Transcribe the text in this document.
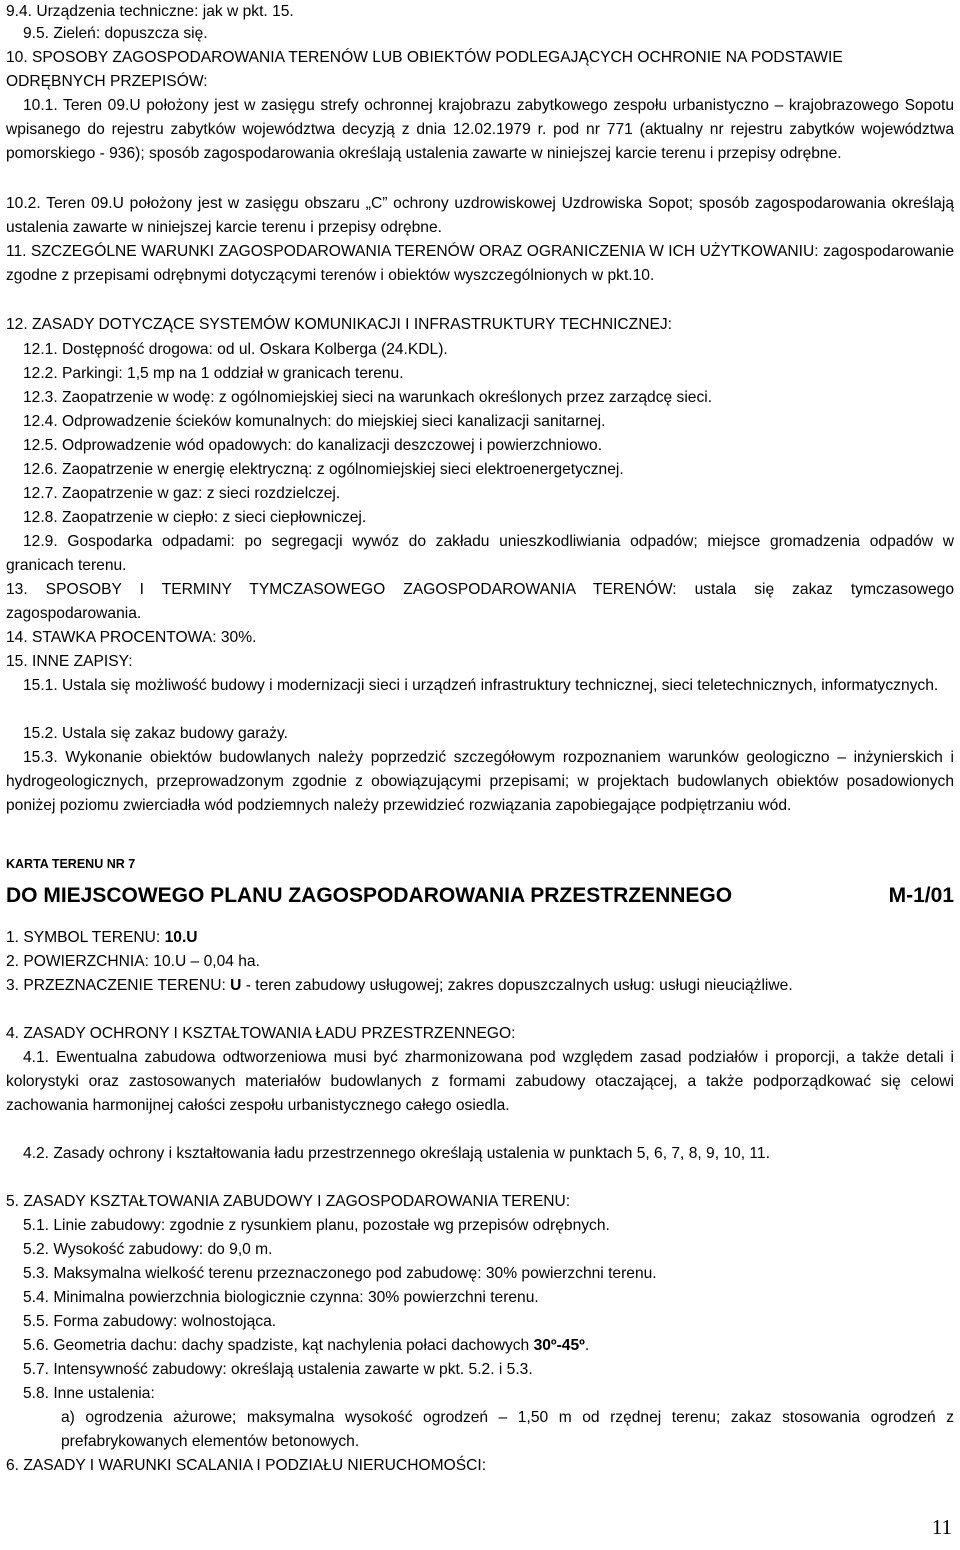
9.4. Urządzenia techniczne: jak w pkt. 15.
9.5. Zieleń: dopuszcza się.
10. SPOSOBY ZAGOSPODAROWANIA TERENÓW LUB OBIEKTÓW PODLEGAJĄCYCH OCHRONIE NA PODSTAWIE ODRĘBNYCH PRZEPISÓW:
10.1. Teren 09.U położony jest w zasięgu strefy ochronnej krajobrazu zabytkowego zespołu urbanistyczno – krajobrazowego Sopotu wpisanego do rejestru zabytków województwa decyzją z dnia 12.02.1979 r. pod nr 771 (aktualny nr rejestru zabytków województwa pomorskiego - 936); sposób zagospodarowania określają ustalenia zawarte w niniejszej karcie terenu i przepisy odrębne.
10.2. Teren 09.U położony jest w zasięgu obszaru „C” ochrony uzdrowiskowej Uzdrowiska Sopot; sposób zagospodarowania określają ustalenia zawarte w niniejszej karcie terenu i przepisy odrębne.
11. SZCZEGÓLNE WARUNKI ZAGOSPODAROWANIA TERENÓW ORAZ OGRANICZENIA W ICH UŻYTKOWANIU: zagospodarowanie zgodne z przepisami odrębnymi dotyczącymi terenów i obiektów wyszczególnionych w pkt.10.
12. ZASADY DOTYCZĄCE SYSTEMÓW KOMUNIKACJI I INFRASTRUKTURY TECHNICZNEJ:
12.1. Dostępność drogowa: od ul. Oskara Kolberga (24.KDL).
12.2. Parkingi: 1,5 mp na 1 oddział w granicach terenu.
12.3. Zaopatrzenie w wodę: z ogólnomiejskiej sieci na warunkach określonych przez zarządcę sieci.
12.4. Odprowadzenie ścieków komunalnych: do miejskiej sieci kanalizacji sanitarnej.
12.5. Odprowadzenie wód opadowych: do kanalizacji deszczowej i powierzchniowo.
12.6. Zaopatrzenie w energię elektryczną: z ogólnomiejskiej sieci elektroenergetycznej.
12.7. Zaopatrzenie w gaz: z sieci rozdzielczej.
12.8. Zaopatrzenie w ciepło: z sieci ciepłowniczej.
12.9. Gospodarka odpadami: po segregacji wywóz do zakładu unieszkodliwiania odpadów; miejsce gromadzenia odpadów w granicach terenu.
13. SPOSOBY I TERMINY TYMCZASOWEGO ZAGOSPODAROWANIA TERENÓW: ustala się zakaz tymczasowego zagospodarowania.
14. STAWKA PROCENTOWA: 30%.
15. INNE ZAPISY:
15.1. Ustala się możliwość budowy i modernizacji sieci i urządzeń infrastruktury technicznej, sieci teletechnicznych, informatycznych.
15.2. Ustala się zakaz budowy garaży.
15.3. Wykonanie obiektów budowlanych należy poprzedzić szczegółowym rozpoznaniem warunków geologiczno – inżynierskich i hydrogeologicznych, przeprowadzonym zgodnie z obowiązującymi przepisami; w projektach budowlanych obiektów posadowionych poniżej poziomu zwierciadła wód podziemnych należy przewidzieć rozwiązania zapobiegające podpiętrzaniu wód.
KARTA TERENU NR 7
DO MIEJSCOWEGO PLANU ZAGOSPODAROWANIA PRZESTRZENNEGO	M-1/01
1. SYMBOL TERENU: 10.U
2. POWIERZCHNIA: 10.U – 0,04 ha.
3. PRZEZNACZENIE TERENU: U - teren zabudowy usługowej; zakres dopuszczalnych usług: usługi nieuciążliwe.
4. ZASADY OCHRONY I KSZTAŁTOWANIA ŁADU PRZESTRZENNEGO:
4.1. Ewentualna zabudowa odtworzeniowa musi być zharmonizowana pod względem zasad podziałów i proporcji, a także detali i kolorystyki oraz zastosowanych materiałów budowlanych z formami zabudowy otaczającej, a także podporządkować się celowi zachowania harmonijnej całości zespołu urbanistycznego całego osiedla.
4.2. Zasady ochrony i kształtowania ładu przestrzennego określają ustalenia w punktach 5, 6, 7, 8, 9, 10, 11.
5. ZASADY KSZTAŁTOWANIA ZABUDOWY I ZAGOSPODAROWANIA TERENU:
5.1. Linie zabudowy: zgodnie z rysunkiem planu, pozostałe wg przepisów odrębnych.
5.2. Wysokość zabudowy: do 9,0 m.
5.3. Maksymalna wielkość terenu przeznaczonego pod zabudowę: 30% powierzchni terenu.
5.4. Minimalna powierzchnia biologicznie czynna: 30% powierzchni terenu.
5.5. Forma zabudowy: wolnostojąca.
5.6. Geometria dachu: dachy spadziste, kąt nachylenia połaci dachowych 30º-45º.
5.7. Intensywność zabudowy: określają ustalenia zawarte w pkt. 5.2. i 5.3.
5.8. Inne ustalenia:
a) ogrodzenia ażurowe; maksymalna wysokość ogrodzeń – 1,50 m od rzędnej terenu; zakaz stosowania ogrodzeń z prefabrykowanych elementów betonowych.
6. ZASADY I WARUNKI SCALANIA I PODZIAŁU NIERUCHOMOŚCI:
11
